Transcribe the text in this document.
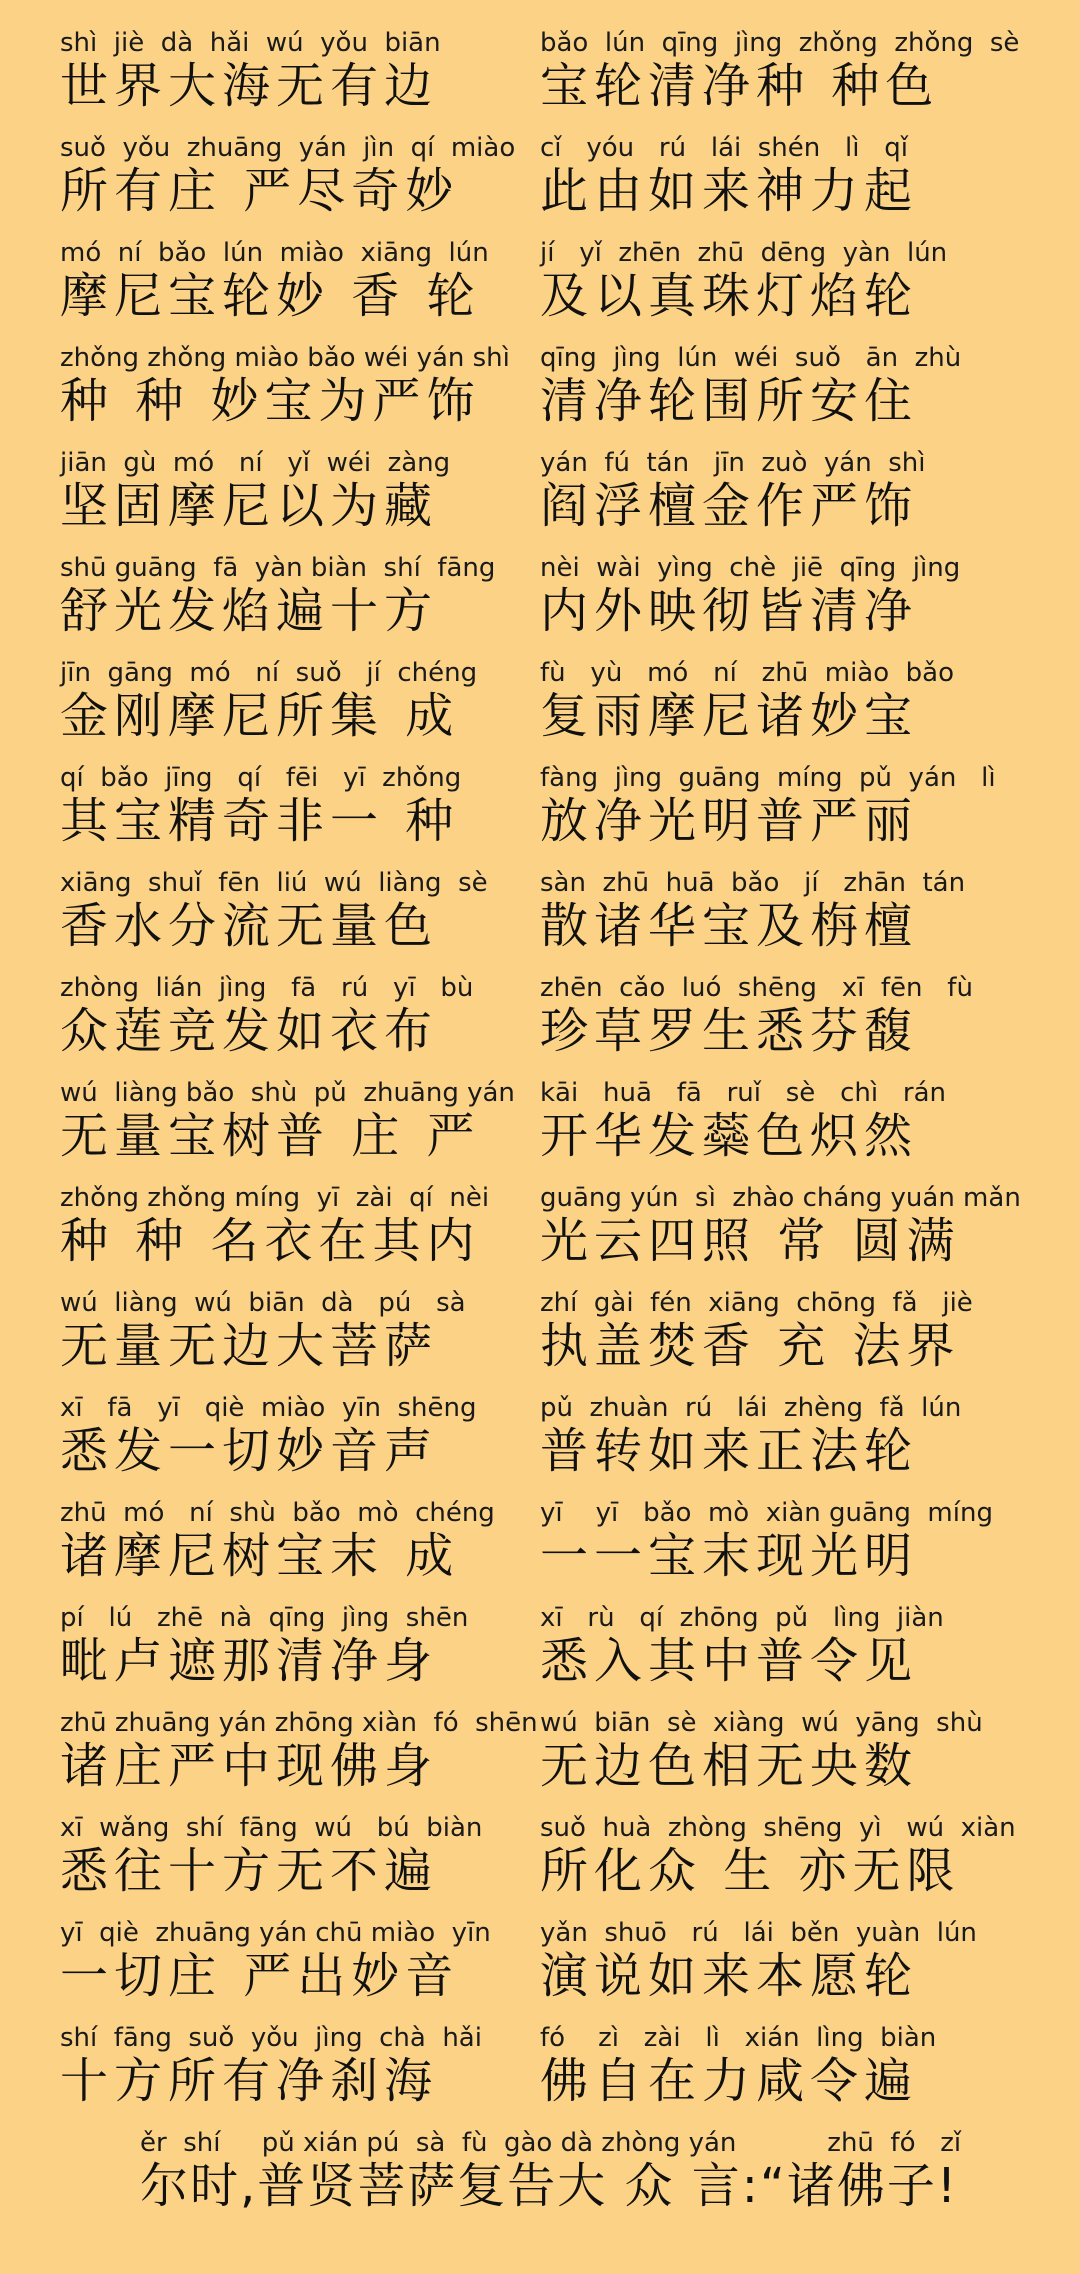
shì  jiè  dà  hǎi  wú  yǒu  biān
世界大海无有边
bǎo  lún  qīng  jìng  zhǒng  zhǒng  sè
宝轮清净种 种色
suǒ  yǒu  zhuāng  yán  jìn  qí  miào
所有庄 严尽奇妙
cǐ   yóu   rú   lái  shén   lì   qǐ
此由如来神力起
mó  ní  bǎo  lún  miào  xiāng  lún
摩尼宝轮妙 香 轮
jí   yǐ  zhēn  zhū  dēng  yàn  lún
及以真珠灯焰轮
zhǒng zhǒng miào bǎo wéi yán shì
种 种 妙宝为严饰
qīng  jìng  lún  wéi  suǒ   ān  zhù
清净轮围所安住
jiān  gù  mó   ní   yǐ  wéi  zàng
坚固摩尼以为藏
yán  fú  tán   jīn  zuò  yán  shì
阎浮檀金作严饰
shū guāng  fā  yàn biàn  shí  fāng
舒光发焰遍十方
nèi  wài  yìng  chè  jiē  qīng  jìng
内外映彻皆清净
jīn  gāng  mó   ní  suǒ   jí  chéng
金刚摩尼所集 成
fù   yù   mó   ní   zhū  miào  bǎo
复雨摩尼诸妙宝
qí  bǎo  jīng   qí   fēi   yī  zhǒng
其宝精奇非一 种
fàng  jìng  guāng  míng  pǔ  yán   lì
放净光明普严丽
xiāng  shuǐ  fēn  liú  wú  liàng  sè
香水分流无量色
sàn  zhū  huā  bǎo   jí   zhān  tán
散诸华宝及栴檀
zhòng  lián  jìng   fā   rú   yī   bù
众莲竞发如衣布
zhēn  cǎo  luó  shēng   xī  fēn   fù
珍草罗生悉芬馥
wú  liàng bǎo  shù  pǔ  zhuāng yán
无量宝树普 庄 严
kāi   huā   fā   ruǐ   sè   chì   rán
开华发蘂色炽然
zhǒng zhǒng míng  yī  zài  qí  nèi
种 种 名衣在其内
guāng yún  sì  zhào cháng yuán mǎn
光云四照 常 圆满
wú  liàng  wú  biān  dà   pú   sà
无量无边大菩萨
zhí  gài  fén  xiāng  chōng  fǎ   jiè
执盖焚香 充 法界
xī   fā   yī   qiè  miào  yīn  shēng
悉发一切妙音声
pǔ  zhuàn  rú   lái  zhèng  fǎ  lún
普转如来正法轮
zhū  mó   ní  shù  bǎo  mò  chéng
诸摩尼树宝末 成
yī    yī   bǎo  mò  xiàn guāng  míng
一一宝末现光明
pí   lú   zhē  nà  qīng  jìng  shēn
毗卢遮那清净身
xī   rù   qí  zhōng  pǔ   lìng  jiàn
悉入其中普令见
zhū zhuāng yán zhōng xiàn  fó  shēn
诸庄严中现佛身
wú  biān  sè  xiàng  wú  yāng  shù
无边色相无央数
xī  wǎng  shí  fāng  wú   bú  biàn
悉往十方无不遍
suǒ  huà  zhòng  shēng  yì   wú  xiàn
所化众 生 亦无限
yī  qiè  zhuāng yán chū miào  yīn
一切庄 严出妙音
yǎn  shuō   rú   lái  běn  yuàn  lún
演说如来本愿轮
shí  fāng  suǒ  yǒu  jìng  chà  hǎi
十方所有净刹海
fó    zì   zài   lì   xián  lìng  biàn
佛自在力咸令遍
ěr  shí     pǔ xián pú  sà  fù  gào dà zhòng yán           zhū  fó   zǐ
尔时,普贤菩萨复告大 众 言:“诸佛子!
